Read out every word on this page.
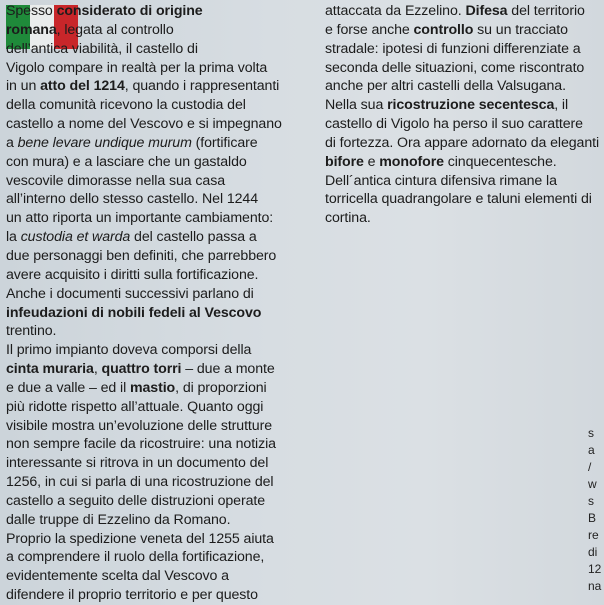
Spesso considerato di origine

romana, legata al controllo

dell’antica viabilità, il castello di

Vigolo compare in realtà per la prima volta

in un atto del 1214, quando i rappresentanti

della comunità ricevono la custodia del

castello a nome del Vescovo e si impegnano

a bene levare undique murum (fortificare

con mura) e a lasciare che un gastaldo

vescovile dimorasse nella sua casa

all’interno dello stesso castello. Nel 1244

un atto riporta un importante cambiamento:

la custodia et warda del castello passa a

due personaggi ben definiti, che parrebbero

avere acquisito i diritti sulla fortificazione.

Anche i documenti successivi parlano di

infeudazioni di nobili fedeli al Vescovo

trentino.

Il primo impianto doveva comporsi della

cinta muraria, quattro torri – due a monte

e due a valle – ed il mastio, di proporzioni

più ridotte rispetto all’attuale. Quanto oggi

visibile mostra un’evoluzione delle strutture

non sempre facile da ricostruire: una notizia

interessante si ritrova in un documento del

1256, in cui si parla di una ricostruzione del

castello a seguito delle distruzioni operate

dalle truppe di Ezzelino da Romano.

Proprio la spedizione veneta del 1255 aiuta

a comprendere il ruolo della fortificazione,

evidentemente scelta dal Vescovo a

difendere il proprio territorio e per questo

attaccata da Ezzelino. Difesa del territorio

e forse anche controllo su un tracciato

stradale: ipotesi di funzioni differenziate a

seconda delle situazioni, come riscontrato

anche per altri castelli della Valsugana.

Nella sua ricostruzione secentesca, il

castello di Vigolo ha perso il suo carattere

di fortezza. Ora appare adornato da eleganti

bifore e monofore cinquecentesche.

Dell´antica cintura difensiva rimane la

torricella quadrangolare e taluni elementi di

cortina.

s
a
/
w
s
B
re
di
12
na
